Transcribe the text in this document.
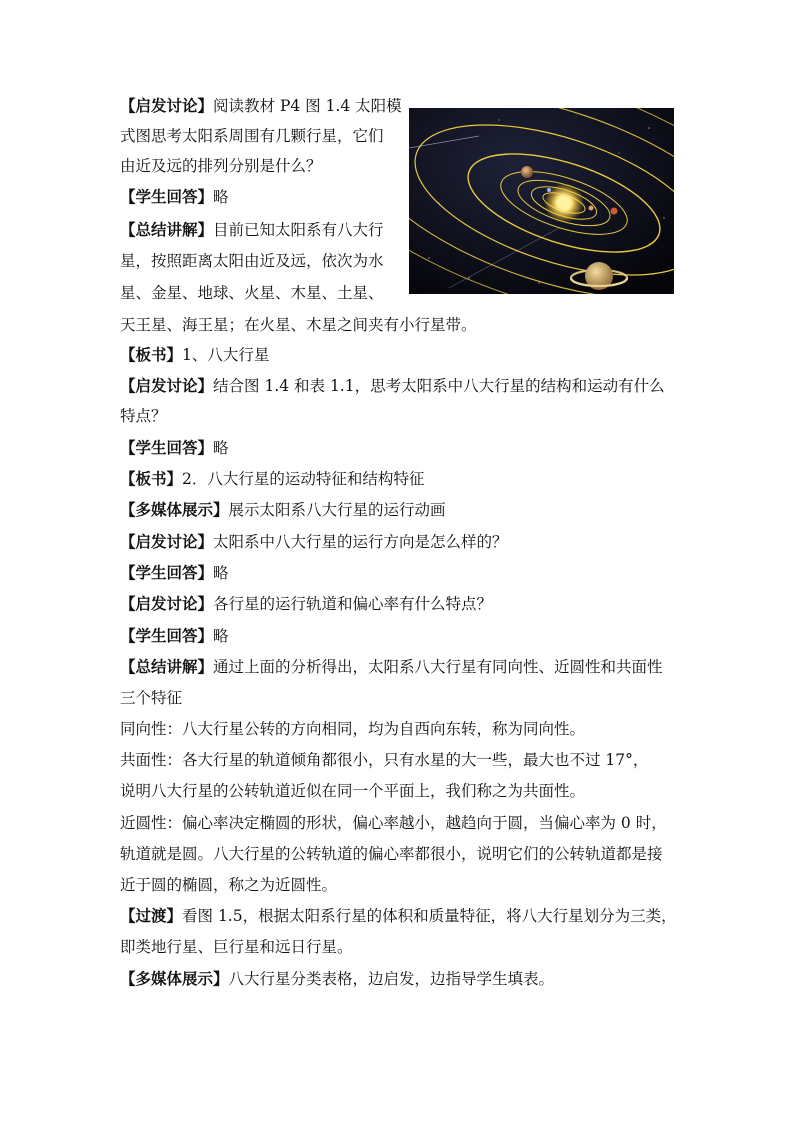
【启发讨论】阅读教材 P4 图 1.4 太阳模
式图思考太阳系周围有几颗行星，它们
由近及远的排列分别是什么？
【学生回答】略
【总结讲解】目前已知太阳系有八大行
星，按照距离太阳由近及远，依次为水
星、金星、地球、火星、木星、土星、
天王星、海王星；在火星、木星之间夹有小行星带。
【板书】1、八大行星
【启发讨论】结合图 1.4 和表 1.1，思考太阳系中八大行星的结构和运动有什么
特点？
【学生回答】略
【板书】2．八大行星的运动特征和结构特征
【多媒体展示】展示太阳系八大行星的运行动画
【启发讨论】太阳系中八大行星的运行方向是怎么样的？
【学生回答】略
【启发讨论】各行星的运行轨道和偏心率有什么特点？
【学生回答】略
【总结讲解】通过上面的分析得出，太阳系八大行星有同向性、近圆性和共面性
三个特征
同向性：八大行星公转的方向相同，均为自西向东转，称为同向性。
共面性：各大行星的轨道倾角都很小，只有水星的大一些，最大也不过 17°，
说明八大行星的公转轨道近似在同一个平面上，我们称之为共面性。
近圆性：偏心率决定椭圆的形状，偏心率越小，越趋向于圆，当偏心率为 0 时，
轨道就是圆。八大行星的公转轨道的偏心率都很小，说明它们的公转轨道都是接
近于圆的椭圆，称之为近圆性。
【过渡】看图 1.5，根据太阳系行星的体积和质量特征，将八大行星划分为三类，
即类地行星、巨行星和远日行星。
【多媒体展示】八大行星分类表格，边启发，边指导学生填表。
